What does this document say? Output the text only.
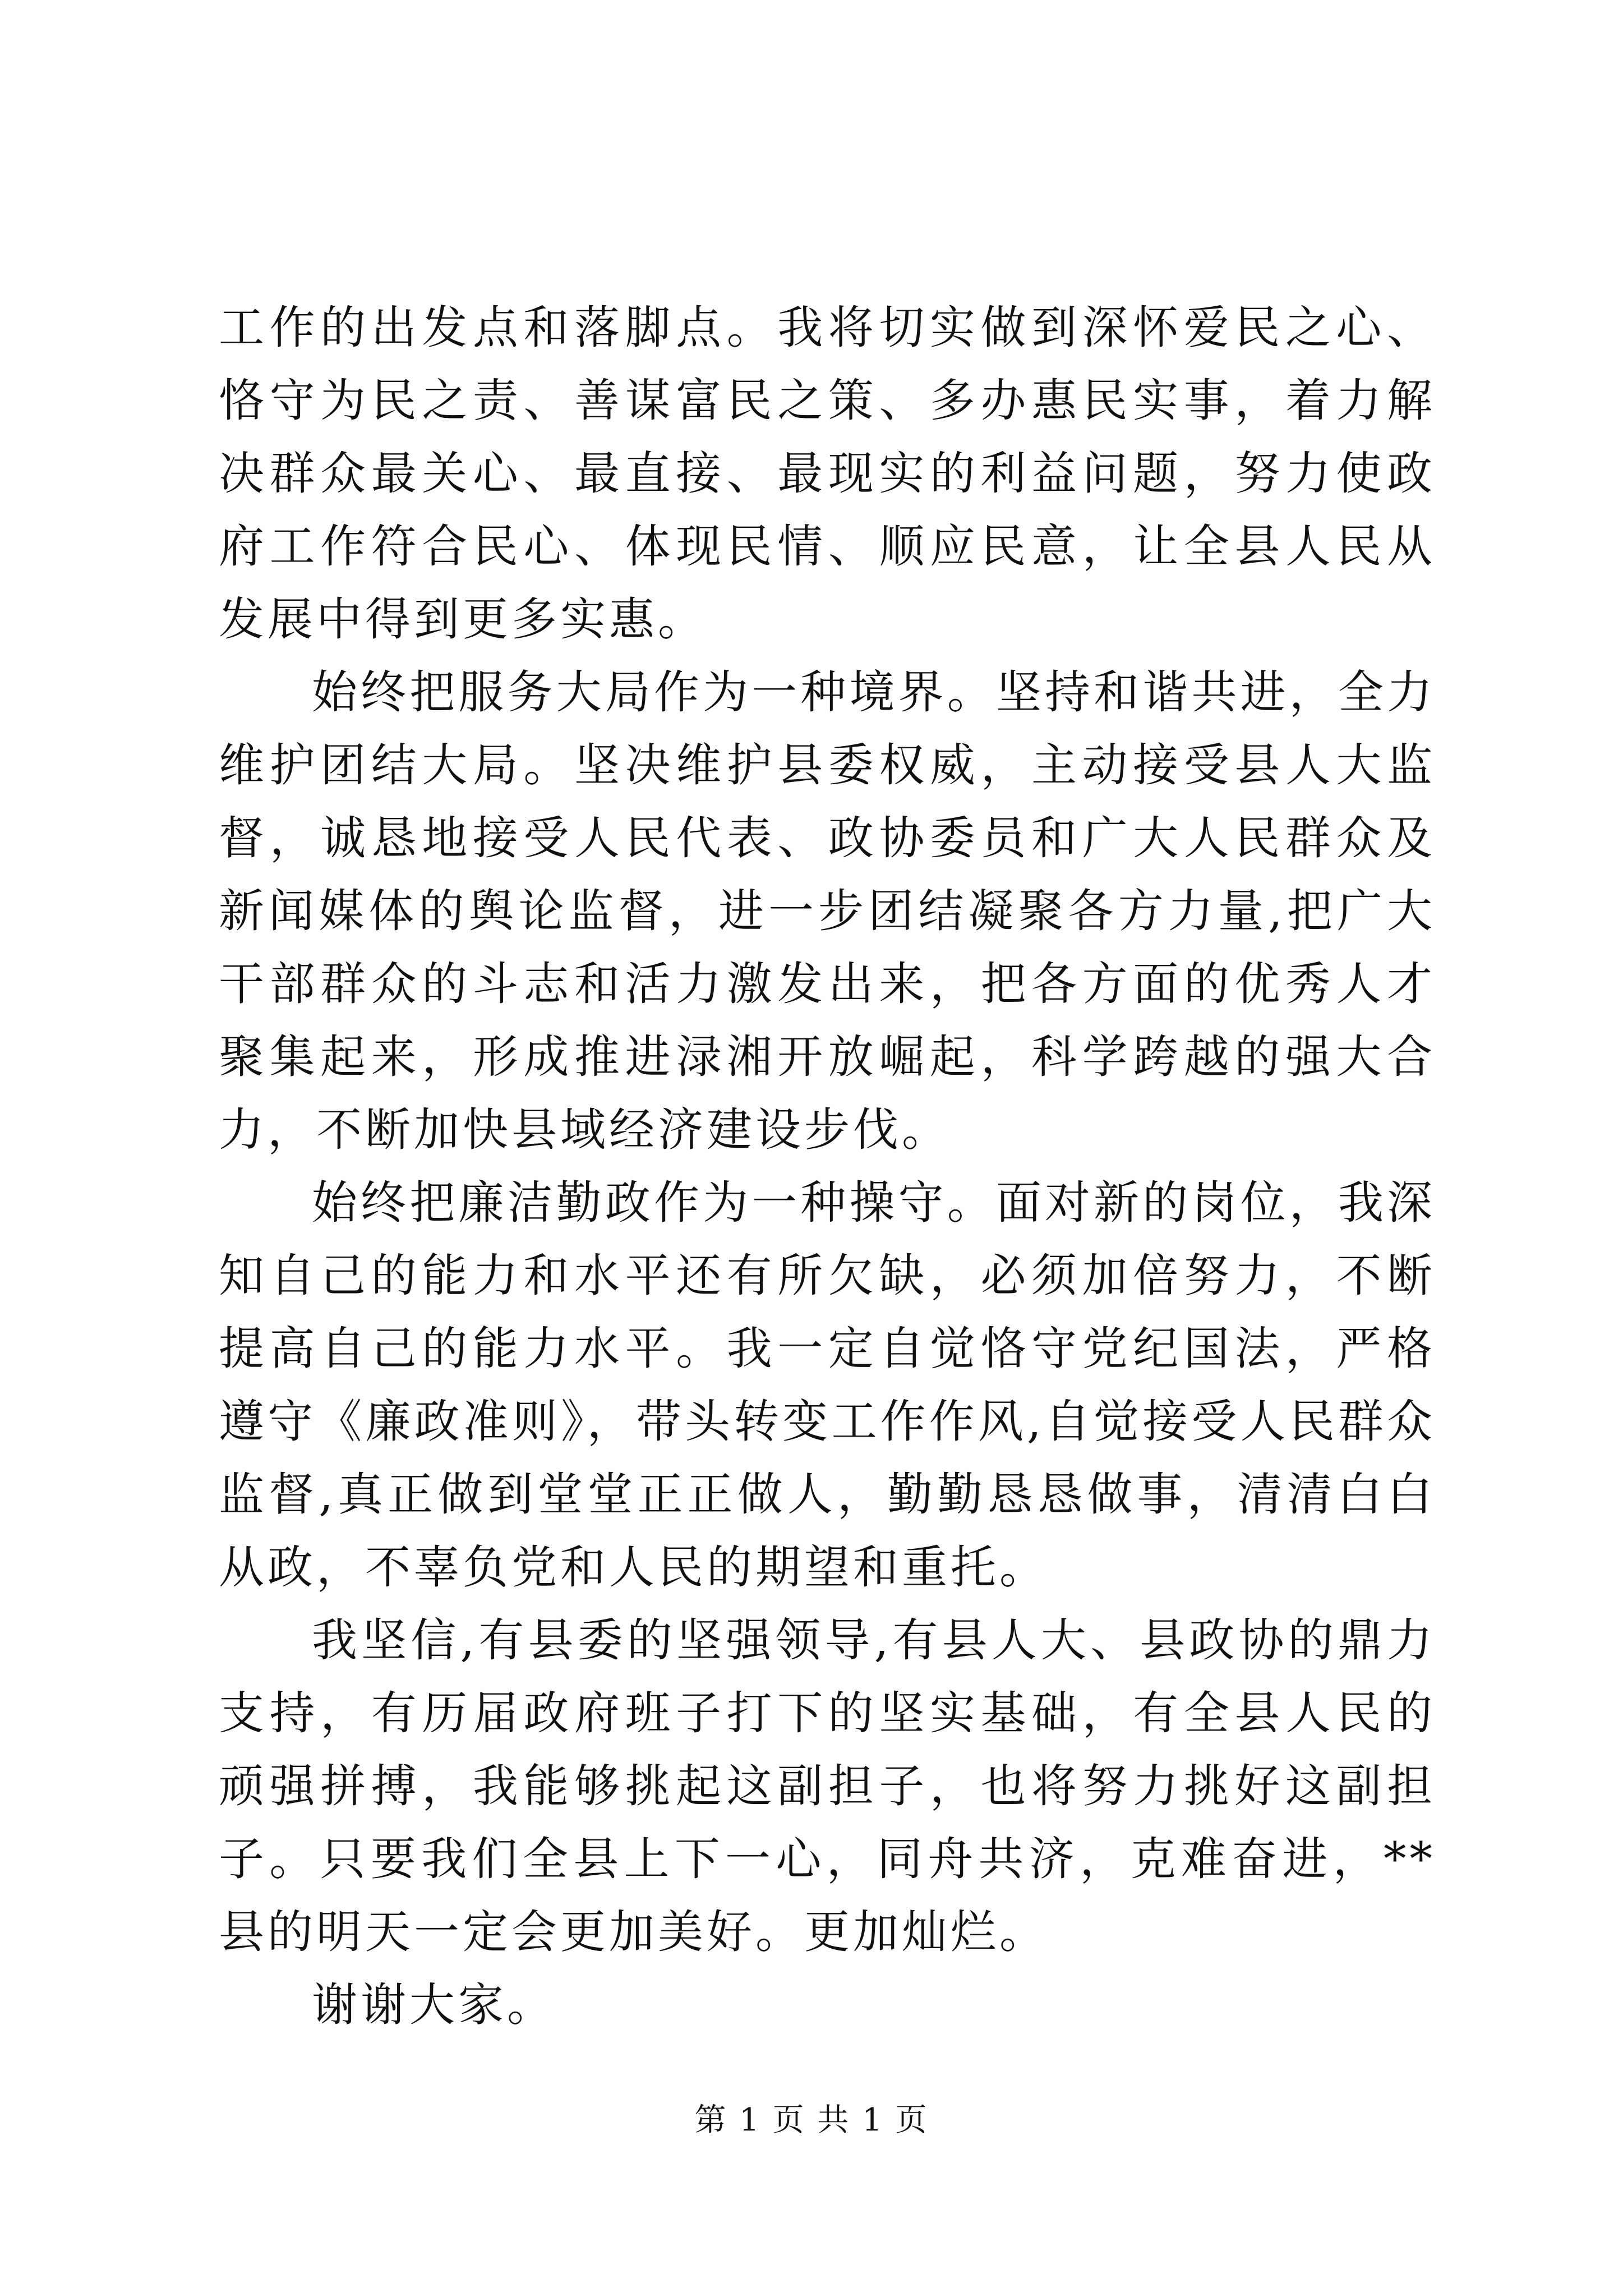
工作的出发点和落脚点。我将切实做到深怀爱民之心、恪守为民之责、善谋富民之策、多办惠民实事，着力解决群众最关心、最直接、最现实的利益问题，努力使政府工作符合民心、体现民情、顺应民意，让全县人民从发展中得到更多实惠。

始终把服务大局作为一种境界。坚持和谐共进，全力维护团结大局。坚决维护县委权威，主动接受县人大监督，诚恳地接受人民代表、政协委员和广大人民群众及新闻媒体的舆论监督，进一步团结凝聚各方力量,把广大干部群众的斗志和活力激发出来，把各方面的优秀人才聚集起来，形成推进渌湘开放崛起，科学跨越的强大合力，不断加快县域经济建设步伐。

始终把廉洁勤政作为一种操守。面对新的岗位，我深知自己的能力和水平还有所欠缺，必须加倍努力，不断提高自己的能力水平。我一定自觉恪守党纪国法，严格遵守《廉政准则》，带头转变工作作风,自觉接受人民群众监督,真正做到堂堂正正做人，勤勤恳恳做事，清清白白从政，不辜负党和人民的期望和重托。

我坚信,有县委的坚强领导,有县人大、县政协的鼎力支持，有历届政府班子打下的坚实基础，有全县人民的顽强拼搏，我能够挑起这副担子，也将努力挑好这副担子。只要我们全县上下一心，同舟共济，克难奋进，**县的明天一定会更加美好。更加灿烂。

谢谢大家。

第 1 页 共 1 页
